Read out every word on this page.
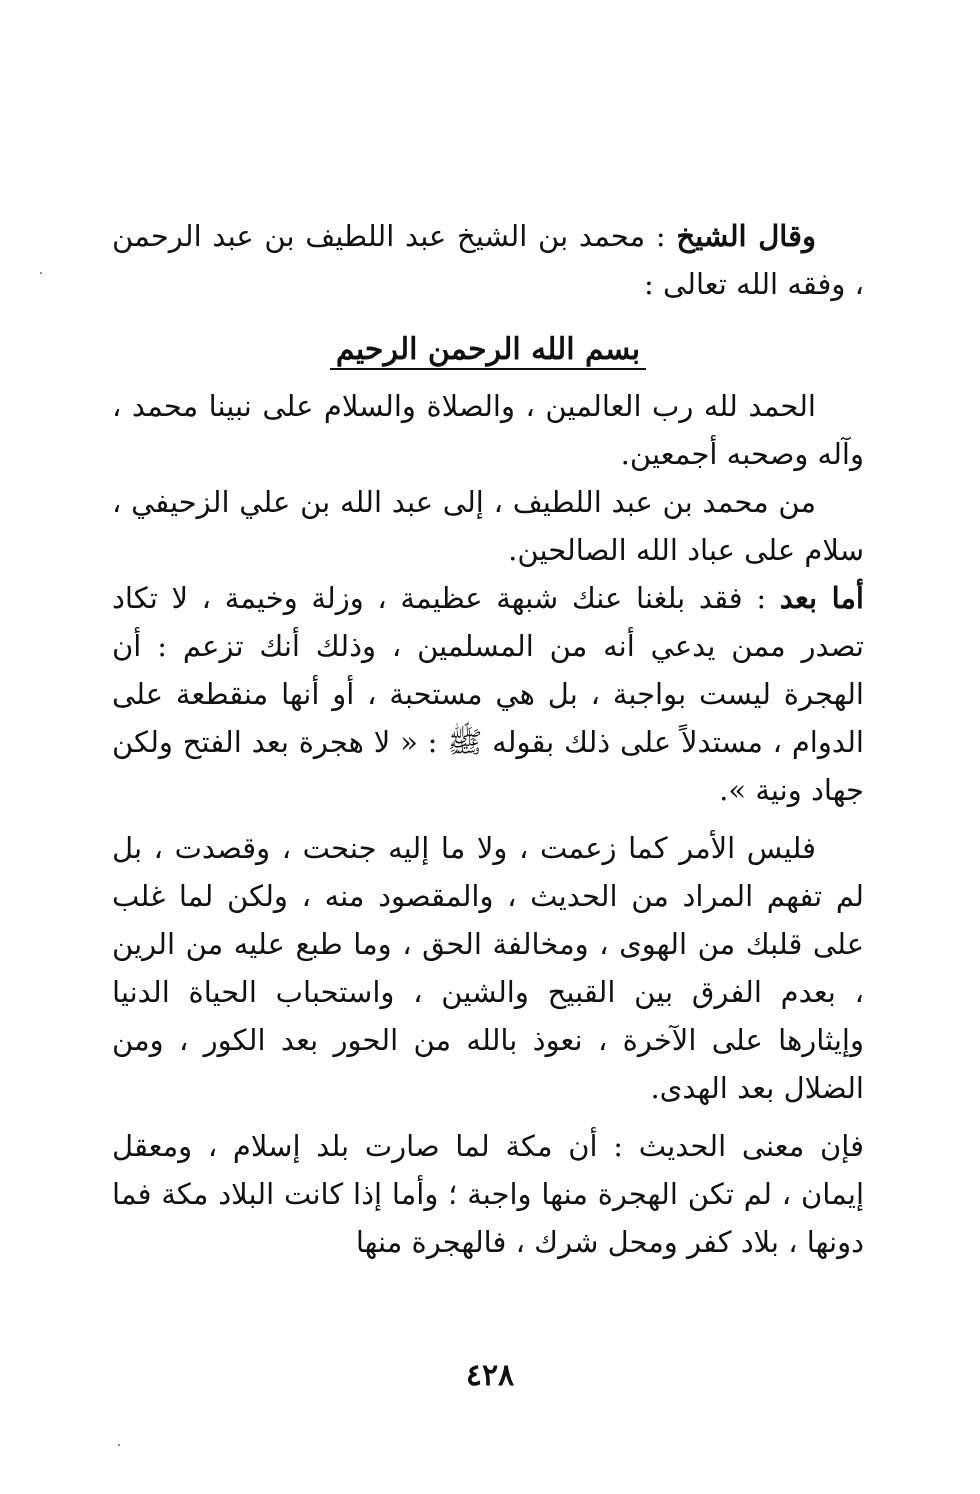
وقال الشيخ : محمد بن الشيخ عبد اللطيف بن عبد الرحمن ، وفقه الله تعالى :

بسم الله الرحمن الرحيم

الحمد لله رب العالمين ، والصلاة والسلام على نبينا محمد ، وآله وصحبه أجمعين.

من محمد بن عبد اللطيف ، إلى عبد الله بن علي الزحيفي ، سلام على عباد الله الصالحين.

أما بعد : فقد بلغنا عنك شبهة عظيمة ، وزلة وخيمة ، لا تكاد تصدر ممن يدعي أنه من المسلمين ، وذلك أنك تزعم : أن الهجرة ليست بواجبة ، بل هي مستحبة ، أو أنها منقطعة على الدوام ، مستدلاً على ذلك بقوله ﷺ : « لا هجرة بعد الفتح ولكن جهاد ونية ».

فليس الأمر كما زعمت ، ولا ما إليه جنحت ، وقصدت ، بل لم تفهم المراد من الحديث ، والمقصود منه ، ولكن لما غلب على قلبك من الهوى ، ومخالفة الحق ، وما طبع عليه من الرين ، بعدم الفرق بين القبيح والشين ، واستحباب الحياة الدنيا وإيثارها على الآخرة ، نعوذ بالله من الحور بعد الكور ، ومن الضلال بعد الهدى.

فإن معنى الحديث : أن مكة لما صارت بلد إسلام ، ومعقل إيمان ، لم تكن الهجرة منها واجبة ؛ وأما إذا كانت البلاد مكة فما دونها ، بلاد كفر ومحل شرك ، فالهجرة منها

٤٢٨
